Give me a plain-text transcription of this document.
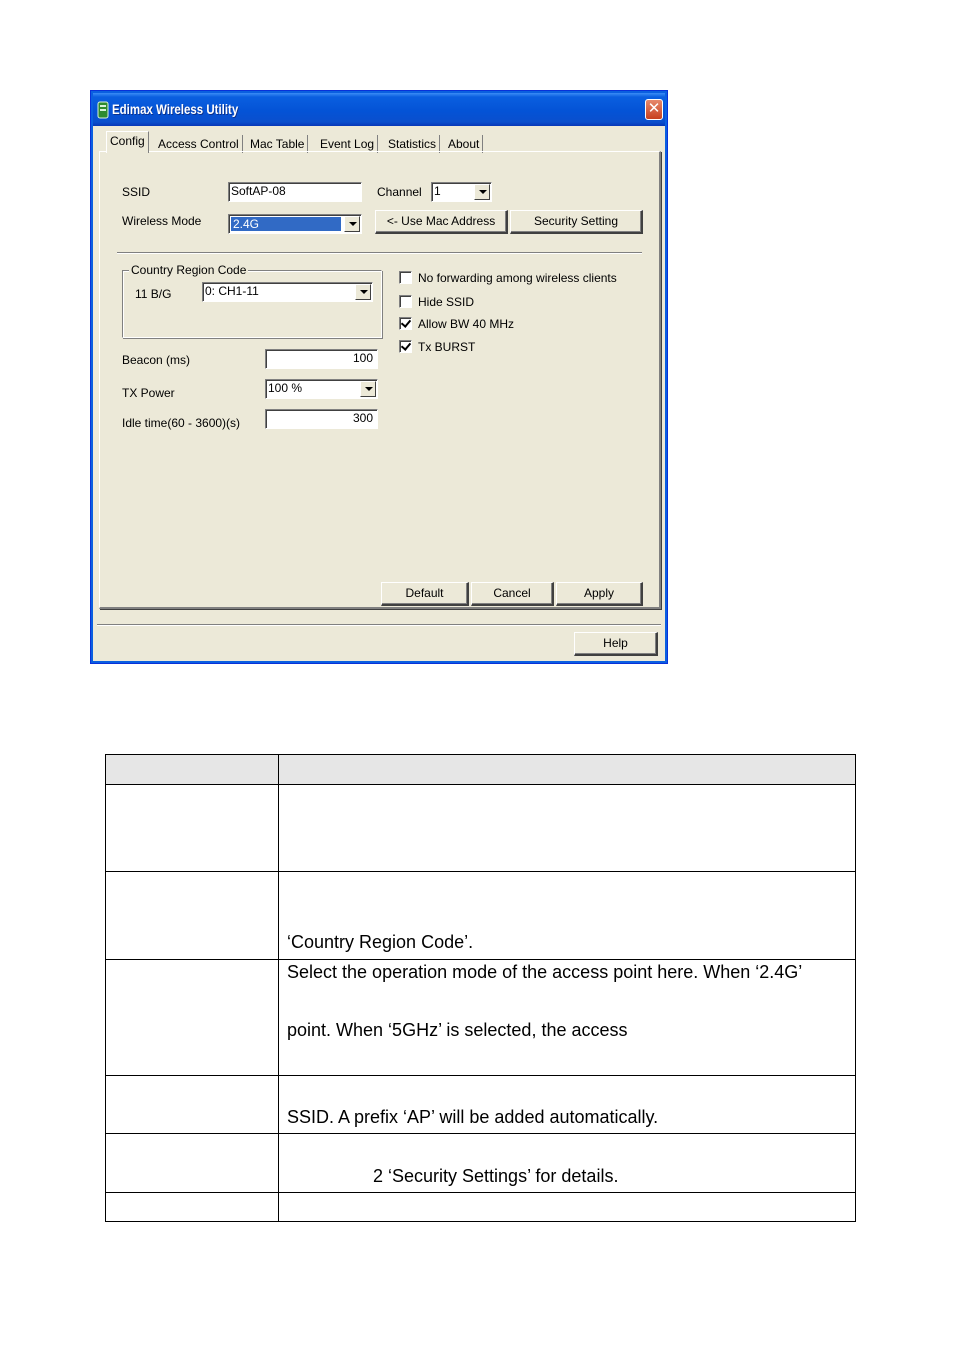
Edimax Wireless Utility	✕
Config	Access Control Mac Table	Event Log	Statistics About
SSID	SoftAP-08	Channel 1
Wireless Mode	2.4G	<- Use Mac Address	Security Setting
Country Region Code
11 B/G	0: CH1-11
Beacon (ms)	100
TX Power	100 %
Idle time(60 - 3600)(s)	300
No forwarding among wireless clients
Hide SSID
Allow BW 40 MHz
Tx BURST
Default	Cancel	Apply
Help

	‘Country Region Code’.

	Select the operation mode of the access point here. When ‘2.4G’
point. When ‘5GHz’ is selected, the access

	SSID. A prefix ‘AP’ will be added automatically.

	2 ‘Security Settings’ for details.
